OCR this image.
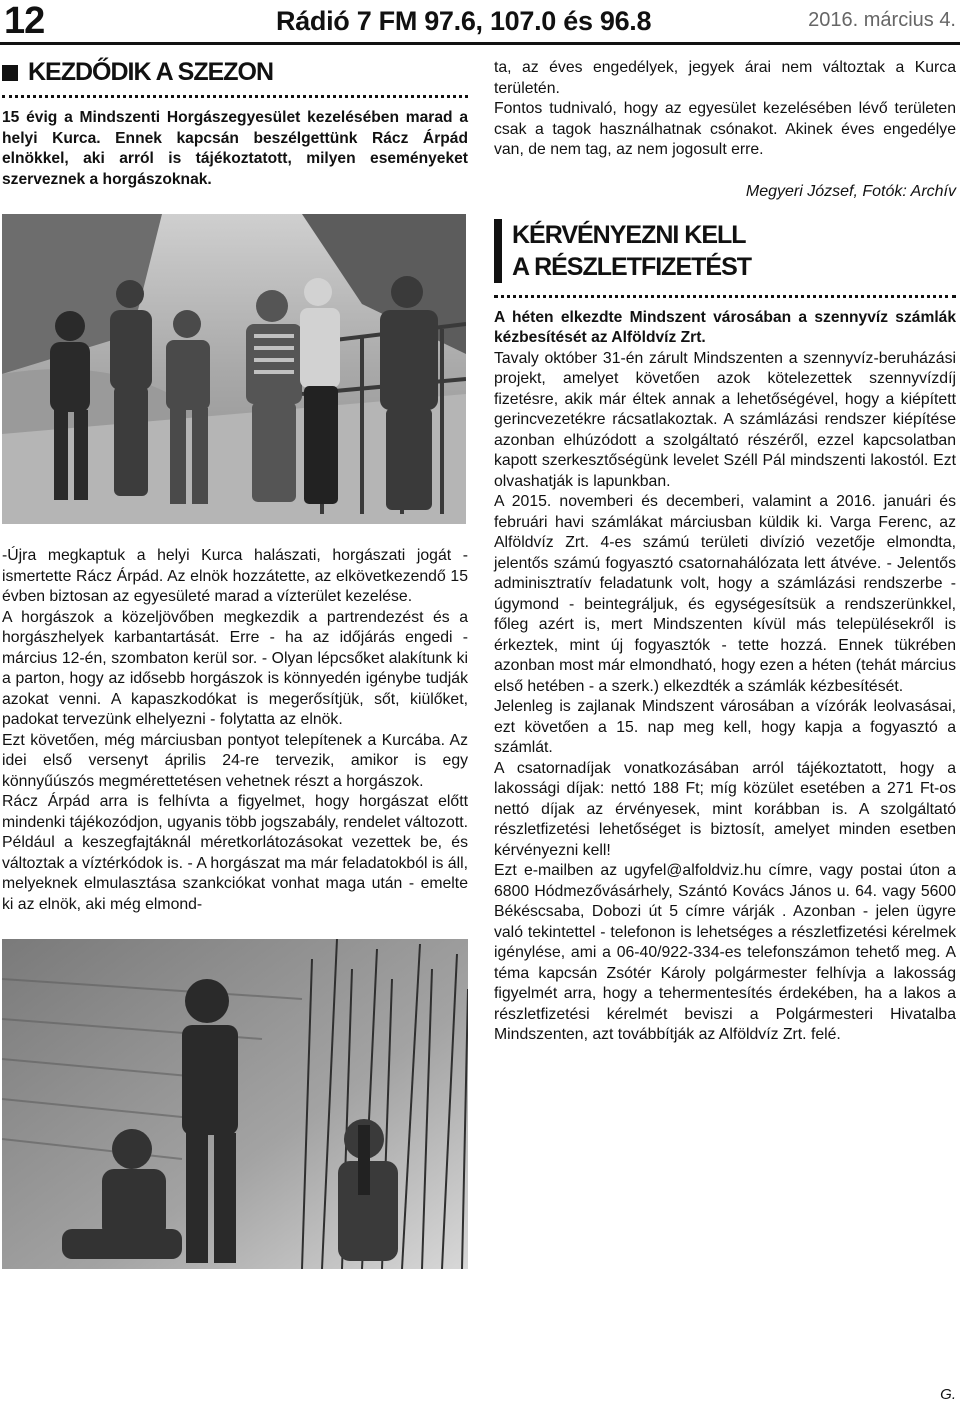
12	Rádió 7 FM 97.6, 107.0 és 96.8	2016. március 4.
KEZDŐDIK A SZEZON
15 évig a Mindszenti Horgászegyesület kezelésében marad a helyi Kurca. Ennek kapcsán beszélgettünk Rácz Árpád elnökkel, aki arról is tájékoztatott, milyen eseményeket szerveznek a horgászoknak.

-Újra megkaptuk a helyi Kurca halászati, horgászati jogát - ismertette Rácz Árpád. Az elnök hozzátette, az elkövetkezendő 15 évben biztosan az egyesületé marad a vízterület kezelése.

A horgászok a közeljövőben megkezdik a partrendezést és a horgászhelyek karbantartását. Erre - ha az időjárás engedi - március 12-én, szombaton kerül sor. - Olyan lépcsőket alakítunk ki a parton, hogy az idősebb horgászok is könnyedén igénybe tudják azokat venni. A kapaszkodókat is megerősítjük, sőt, kiülőket, padokat tervezünk elhelyezni - folytatta az elnök.

Ezt követően, még márciusban pontyot telepítenek a Kurcába. Az idei első versenyt április 24-re tervezik, amikor is egy könnyűúszós megmérettetésen vehetnek részt a horgászok.

Rácz Árpád arra is felhívta a figyelmet, hogy horgászat előtt mindenki tájékozódjon, ugyanis több jogszabály, rendelet változott. Például a keszegfajtáknál méretkorlátozásokat vezettek be, és változtak a víztérkódok is. - A horgászat ma már feladatokból is áll, melyeknek elmulasztása szankciókat vonhat maga után - emelte ki az elnök, aki még elmond-

ta, az éves engedélyek, jegyek árai nem változtak a Kurca területén.

Fontos tudnivaló, hogy az egyesület kezelésében lévő területen csak a tagok használhatnak csónakot. Akinek éves engedélye van, de nem tag, az nem jogosult erre.

Megyeri József, Fotók: Archív
KÉRVÉNYEZNI KELL
A RÉSZLETFIZETÉST
A héten elkezdte Mindszent városában a szennyvíz számlák kézbesítését az Alföldvíz Zrt.

Tavaly október 31-én zárult Mindszenten a szennyvíz-beruházási projekt, amelyet követően azok kötelezettek szennyvízdíj fizetésre, akik már éltek annak a lehetőségével, hogy a kiépített gerincvezetékre rácsatlakoztak. A számlázási rendszer kiépítése azonban elhúzódott a szolgáltató részéről, ezzel kapcsolatban kapott szerkesztőségünk levelet Széll Pál mindszenti lakostól. Ezt olvashatják is lapunkban.

A 2015. novemberi és decemberi, valamint a 2016. januári és februári havi számlákat márciusban küldik ki. Varga Ferenc, az Alföldvíz Zrt. 4-es számú területi divízió vezetője elmondta, jelentős számú fogyasztó csatornahálózata lett átvéve. - Jelentős adminisztratív feladatunk volt, hogy a számlázási rendszerbe - úgymond - beintegráljuk, és egységesítsük a rendszerünkkel, főleg azért is, mert Mindszenten kívül más településekről is érkeztek, mint új fogyasztók - tette hozzá. Ennek tükrében azonban most már elmondható, hogy ezen a héten (tehát március első hetében - a szerk.) elkezdték a számlák kézbesítését.

Jelenleg is zajlanak Mindszent városában a vízórák leolvasásai, ezt követően a 15. nap meg kell, hogy kapja a fogyasztó a számlát.

A csatornadíjak vonatkozásában arról tájékoztatott, hogy a lakossági díjak: nettó 188 Ft; míg közület esetében a 271 Ft-os nettó díjak az érvényesek, mint korábban is. A szolgáltató részletfizetési lehetőséget is biztosít, amelyet minden esetben kérvényezni kell!

Ezt e-mailben az ugyfel@alfoldviz.hu címre, vagy postai úton a 6800 Hódmezővásárhely, Szántó Kovács János u. 64. vagy 5600 Békéscsaba, Dobozi út 5 címre várják . Azonban - jelen ügyre való tekintettel - telefonon is lehetséges a részletfizetési kérelmek igénylése, ami a 06-40/922-334-es telefonszámon tehető meg. A téma kapcsán Zsótér Károly polgármester felhívja a lakosság figyelmét arra, hogy a tehermentesítés érdekében, ha a lakos a részletfizetési kérelmét beviszi a Polgármesteri Hivatalba Mindszenten, azt továbbítják az Alföldvíz Zrt. felé.

G.
